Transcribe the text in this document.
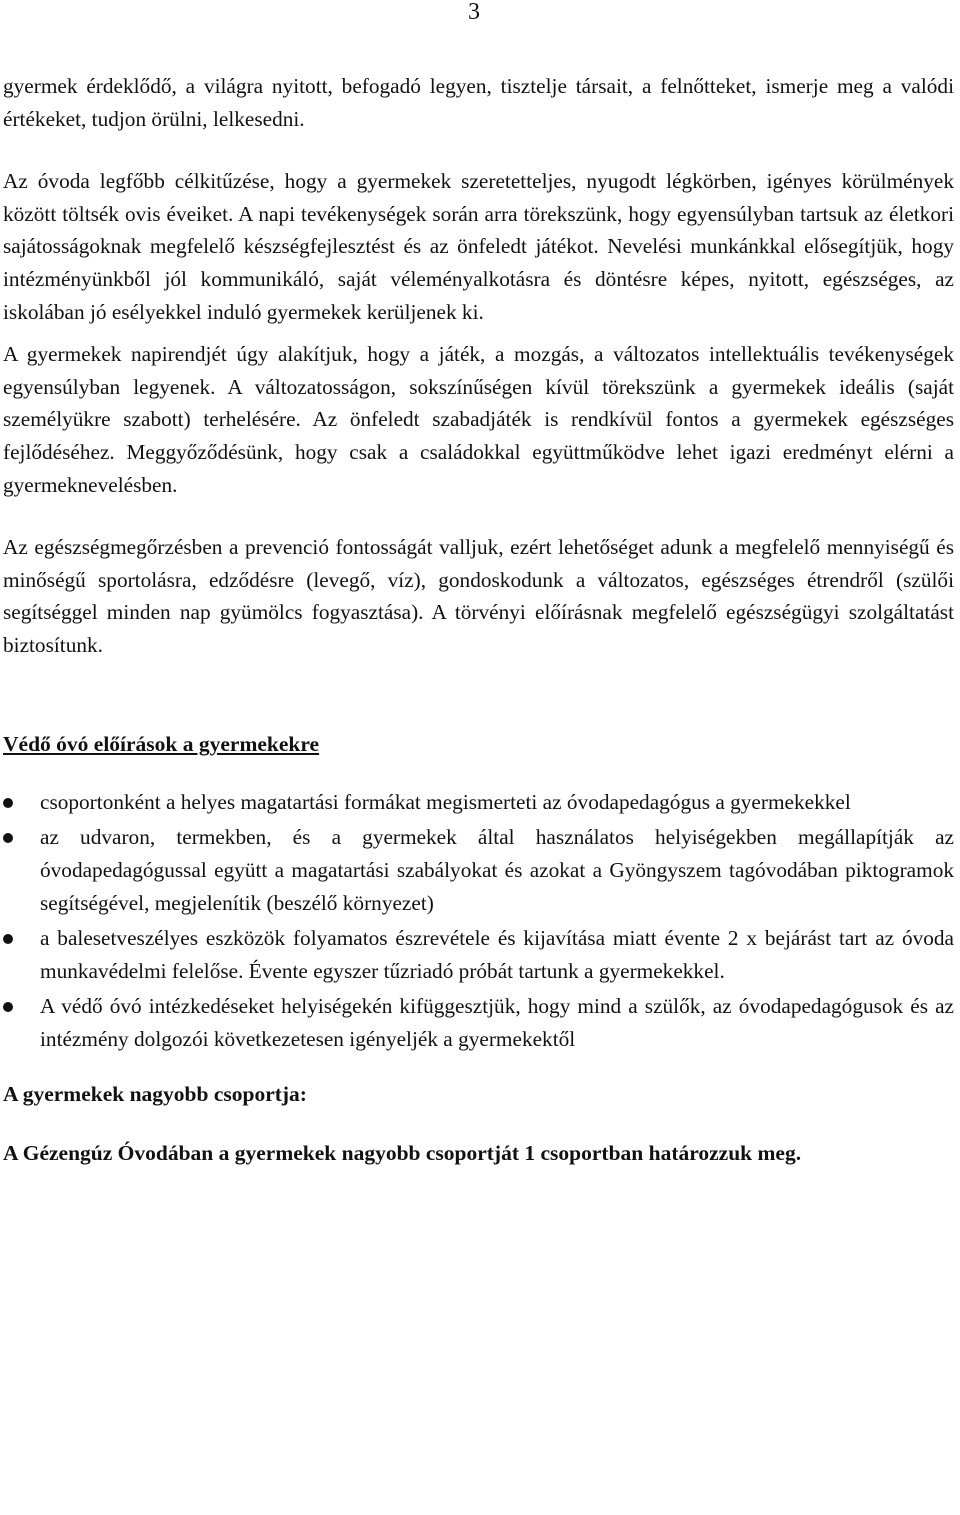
3

gyermek érdeklődő, a világra nyitott, befogadó legyen, tisztelje társait, a felnőtteket, ismerje meg a valódi értékeket, tudjon örülni, lelkesedni.

Az óvoda legfőbb célkitűzése, hogy a gyermekek szeretetteljes, nyugodt légkörben, igényes körülmények között töltsék ovis éveiket. A napi tevékenységek során arra törekszünk, hogy egyensúlyban tartsuk az életkori sajátosságoknak megfelelő készségfejlesztést és az önfeledt játékot. Nevelési munkánkkal elősegítjük, hogy intézményünkből jól kommunikáló, saját véleményalkotásra és döntésre képes, nyitott, egészséges, az iskolában jó esélyekkel induló gyermekek kerüljenek ki.

A gyermekek napirendjét úgy alakítjuk, hogy a játék, a mozgás, a változatos intellektuális tevékenységek egyensúlyban legyenek. A változatosságon, sokszínűségen kívül törekszünk a gyermekek ideális (saját személyükre szabott) terhelésére. Az önfeledt szabadjáték is rendkívül fontos a gyermekek egészséges fejlődéséhez. Meggyőződésünk, hogy csak a családokkal együttműködve lehet igazi eredményt elérni a gyermeknevelésben.

Az egészségmegőrzésben a prevenció fontosságát valljuk, ezért lehetőséget adunk a megfelelő mennyiségű és minőségű sportolásra, edződésre (levegő, víz), gondoskodunk a változatos, egészséges étrendről (szülői segítséggel minden nap gyümölcs fogyasztása). A törvényi előírásnak megfelelő egészségügyi szolgáltatást biztosítunk.

Védő óvó előírások a gyermekekre
csoportonként a helyes magatartási formákat megismerteti az óvodapedagógus a gyermekekkel
az udvaron, termekben, és a gyermekek által használatos helyiségekben megállapítják az óvodapedagógussal együtt a magatartási szabályokat és azokat a Gyöngyszem tagóvodában piktogramok segítségével, megjelenítik (beszélő környezet)
a balesetveszélyes eszközök folyamatos észrevétele és kijavítása miatt évente 2 x bejárást tart az óvoda munkavédelmi felelőse. Évente egyszer tűzriadó próbát tartunk a gyermekekkel.
A védő óvó intézkedéseket helyiségekén kifüggesztjük, hogy mind a szülők, az óvodapedagógusok és az intézmény dolgozói következetesen igényeljék a gyermekektől
A gyermekek nagyobb csoportja:

A Gézengúz Óvodában a gyermekek nagyobb csoportját 1 csoportban határozzuk meg.
